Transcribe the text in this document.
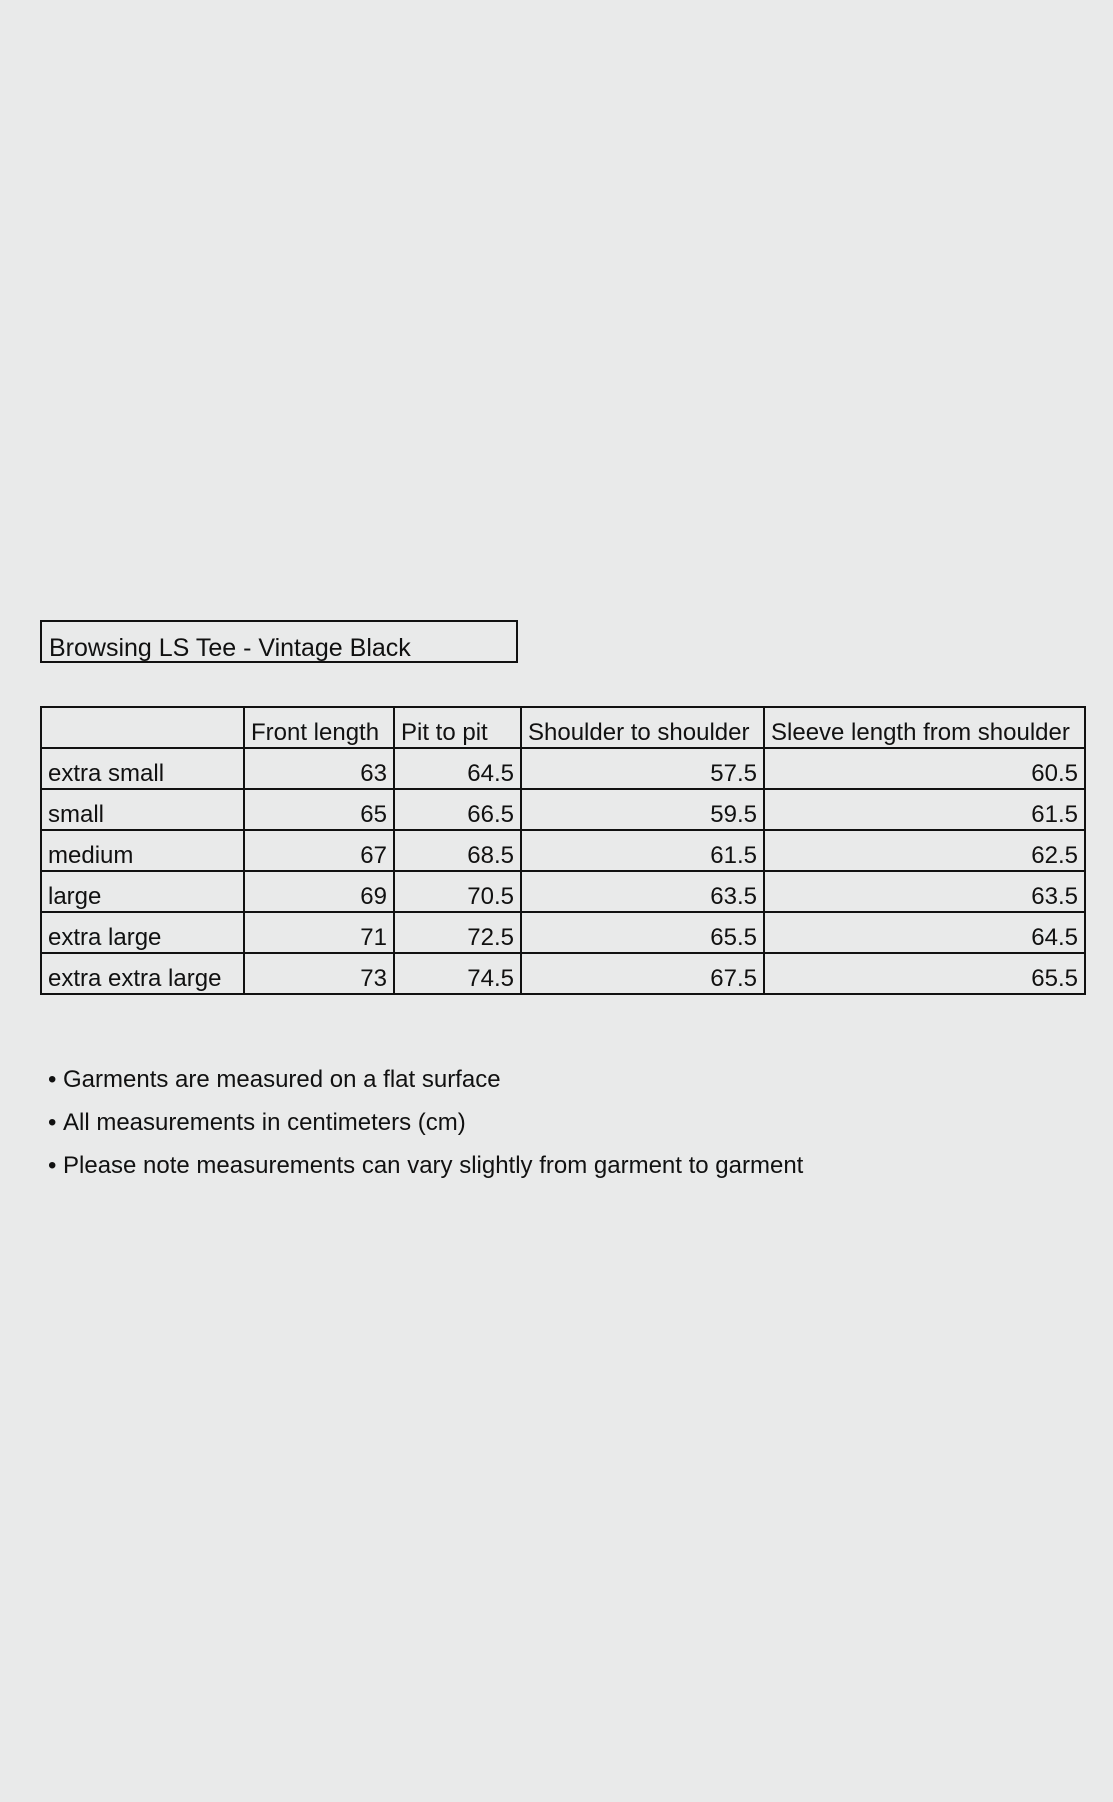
Browsing LS Tee - Vintage Black
	Front length	Pit to pit	Shoulder to shoulder	Sleeve length from shoulder
extra small	63	64.5	57.5	60.5
small	65	66.5	59.5	61.5
medium	67	68.5	61.5	62.5
large	69	70.5	63.5	63.5
extra large	71	72.5	65.5	64.5
extra extra large	73	74.5	67.5	65.5
• Garments are measured on a flat surface
• All measurements in centimeters (cm)
• Please note measurements can vary slightly from garment to garment
